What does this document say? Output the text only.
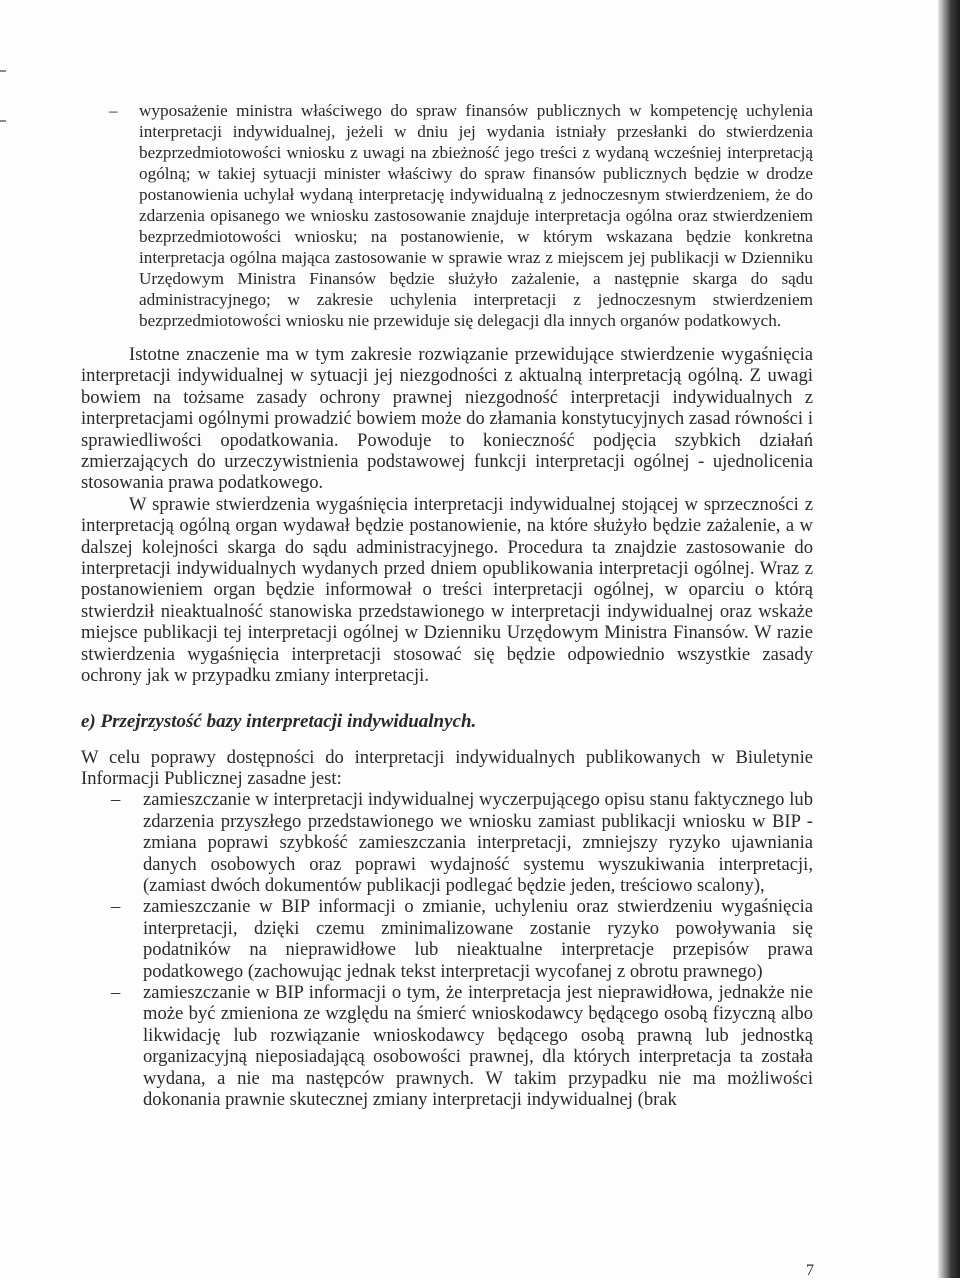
– wyposażenie ministra właściwego do spraw finansów publicznych w kompetencję uchylenia interpretacji indywidualnej, jeżeli w dniu jej wydania istniały przesłanki do stwierdzenia bezprzedmiotowości wniosku z uwagi na zbieżność jego treści z wydaną wcześniej interpretacją ogólną; w takiej sytuacji minister właściwy do spraw finansów publicznych będzie w drodze postanowienia uchylał wydaną interpretację indywidualną z jednoczesnym stwierdzeniem, że do zdarzenia opisanego we wniosku zastosowanie znajduje interpretacja ogólna oraz stwierdzeniem bezprzedmiotowości wniosku; na postanowienie, w którym wskazana będzie konkretna interpretacja ogólna mająca zastosowanie w sprawie wraz z miejscem jej publikacji w Dzienniku Urzędowym Ministra Finansów będzie służyło zażalenie, a następnie skarga do sądu administracyjnego; w zakresie uchylenia interpretacji z jednoczesnym stwierdzeniem bezprzedmiotowości wniosku nie przewiduje się delegacji dla innych organów podatkowych.

Istotne znaczenie ma w tym zakresie rozwiązanie przewidujące stwierdzenie wygaśnięcia interpretacji indywidualnej w sytuacji jej niezgodności z aktualną interpretacją ogólną. Z uwagi bowiem na tożsame zasady ochrony prawnej niezgodność interpretacji indywidualnych z interpretacjami ogólnymi prowadzić bowiem może do złamania konstytucyjnych zasad równości i sprawiedliwości opodatkowania. Powoduje to konieczność podjęcia szybkich działań zmierzających do urzeczywistnienia podstawowej funkcji interpretacji ogólnej - ujednolicenia stosowania prawa podatkowego.

W sprawie stwierdzenia wygaśnięcia interpretacji indywidualnej stojącej w sprzeczności z interpretacją ogólną organ wydawał będzie postanowienie, na które służyło będzie zażalenie, a w dalszej kolejności skarga do sądu administracyjnego. Procedura ta znajdzie zastosowanie do interpretacji indywidualnych wydanych przed dniem opublikowania interpretacji ogólnej. Wraz z postanowieniem organ będzie informował o treści interpretacji ogólnej, w oparciu o którą stwierdził nieaktualność stanowiska przedstawionego w interpretacji indywidualnej oraz wskaże miejsce publikacji tej interpretacji ogólnej w Dzienniku Urzędowym Ministra Finansów. W razie stwierdzenia wygaśnięcia interpretacji stosować się będzie odpowiednio wszystkie zasady ochrony jak w przypadku zmiany interpretacji.

e) Przejrzystość bazy interpretacji indywidualnych.

W celu poprawy dostępności do interpretacji indywidualnych publikowanych w Biuletynie Informacji Publicznej zasadne jest:

– zamieszczanie w interpretacji indywidualnej wyczerpującego opisu stanu faktycznego lub zdarzenia przyszłego przedstawionego we wniosku zamiast publikacji wniosku w BIP - zmiana poprawi szybkość zamieszczania interpretacji, zmniejszy ryzyko ujawniania danych osobowych oraz poprawi wydajność systemu wyszukiwania interpretacji, (zamiast dwóch dokumentów publikacji podlegać będzie jeden, treściowo scalony),
– zamieszczanie w BIP informacji o zmianie, uchyleniu oraz stwierdzeniu wygaśnięcia interpretacji, dzięki czemu zminimalizowane zostanie ryzyko powoływania się podatników na nieprawidłowe lub nieaktualne interpretacje przepisów prawa podatkowego (zachowując jednak tekst interpretacji wycofanej z obrotu prawnego)
– zamieszczanie w BIP informacji o tym, że interpretacja jest nieprawidłowa, jednakże nie może być zmieniona ze względu na śmierć wnioskodawcy będącego osobą fizyczną albo likwidację lub rozwiązanie wnioskodawcy będącego osobą prawną lub jednostką organizacyjną nieposiadającą osobowości prawnej, dla których interpretacja ta została wydana, a nie ma następców prawnych. W takim przypadku nie ma możliwości dokonania prawnie skutecznej zmiany interpretacji indywidualnej (brak
7
